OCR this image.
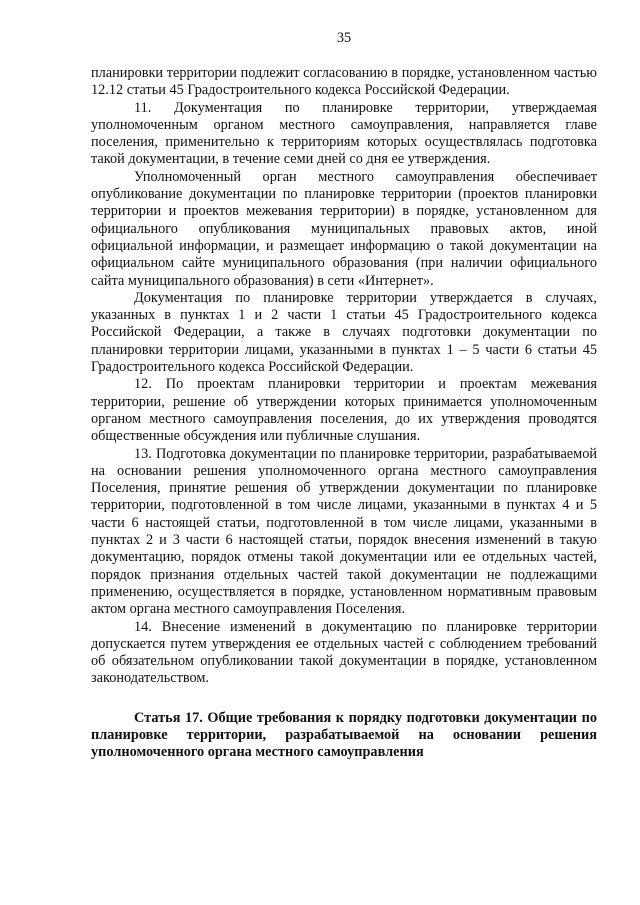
35

планировки территории подлежит согласованию в порядке, установленном частью 12.12 статьи 45 Градостроительного кодекса Российской Федерации.

11. Документация по планировке территории, утверждаемая уполномоченным органом местного самоуправления, направляется главе поселения, применительно к территориям которых осуществлялась подготовка такой документации, в течение семи дней со дня ее утверждения.

Уполномоченный орган местного самоуправления обеспечивает опубликование документации по планировке территории (проектов планировки территории и проектов межевания территории) в порядке, установленном для официального опубликования муниципальных правовых актов, иной официальной информации, и размещает информацию о такой документации на официальном сайте муниципального образования (при наличии официального сайта муниципального образования) в сети «Интернет».

Документация по планировке территории утверждается в случаях, указанных в пунктах 1 и 2 части 1 статьи 45 Градостроительного кодекса Российской Федерации, а также в случаях подготовки документации по планировки территории лицами, указанными в пунктах 1 – 5 части 6 статьи 45 Градостроительного кодекса Российской Федерации.

12. По проектам планировки территории и проектам межевания территории, решение об утверждении которых принимается уполномоченным органом местного самоуправления поселения, до их утверждения проводятся общественные обсуждения или публичные слушания.

13. Подготовка документации по планировке территории, разрабатываемой на основании решения уполномоченного органа местного самоуправления Поселения, принятие решения об утверждении документации по планировке территории, подготовленной в том числе лицами, указанными в пунктах 4 и 5 части 6 настоящей статьи, подготовленной в том числе лицами, указанными в пунктах 2 и 3 части 6 настоящей статьи, порядок внесения изменений в такую документацию, порядок отмены такой документации или ее отдельных частей, порядок признания отдельных частей такой документации не подлежащими применению, осуществляется в порядке, установленном нормативным правовым актом органа местного самоуправления Поселения.

14. Внесение изменений в документацию по планировке территории допускается путем утверждения ее отдельных частей с соблюдением требований об обязательном опубликовании такой документации в порядке, установленном законодательством.

Статья 17. Общие требования к порядку подготовки документации по планировке территории, разрабатываемой на основании решения уполномоченного органа местного самоуправления
